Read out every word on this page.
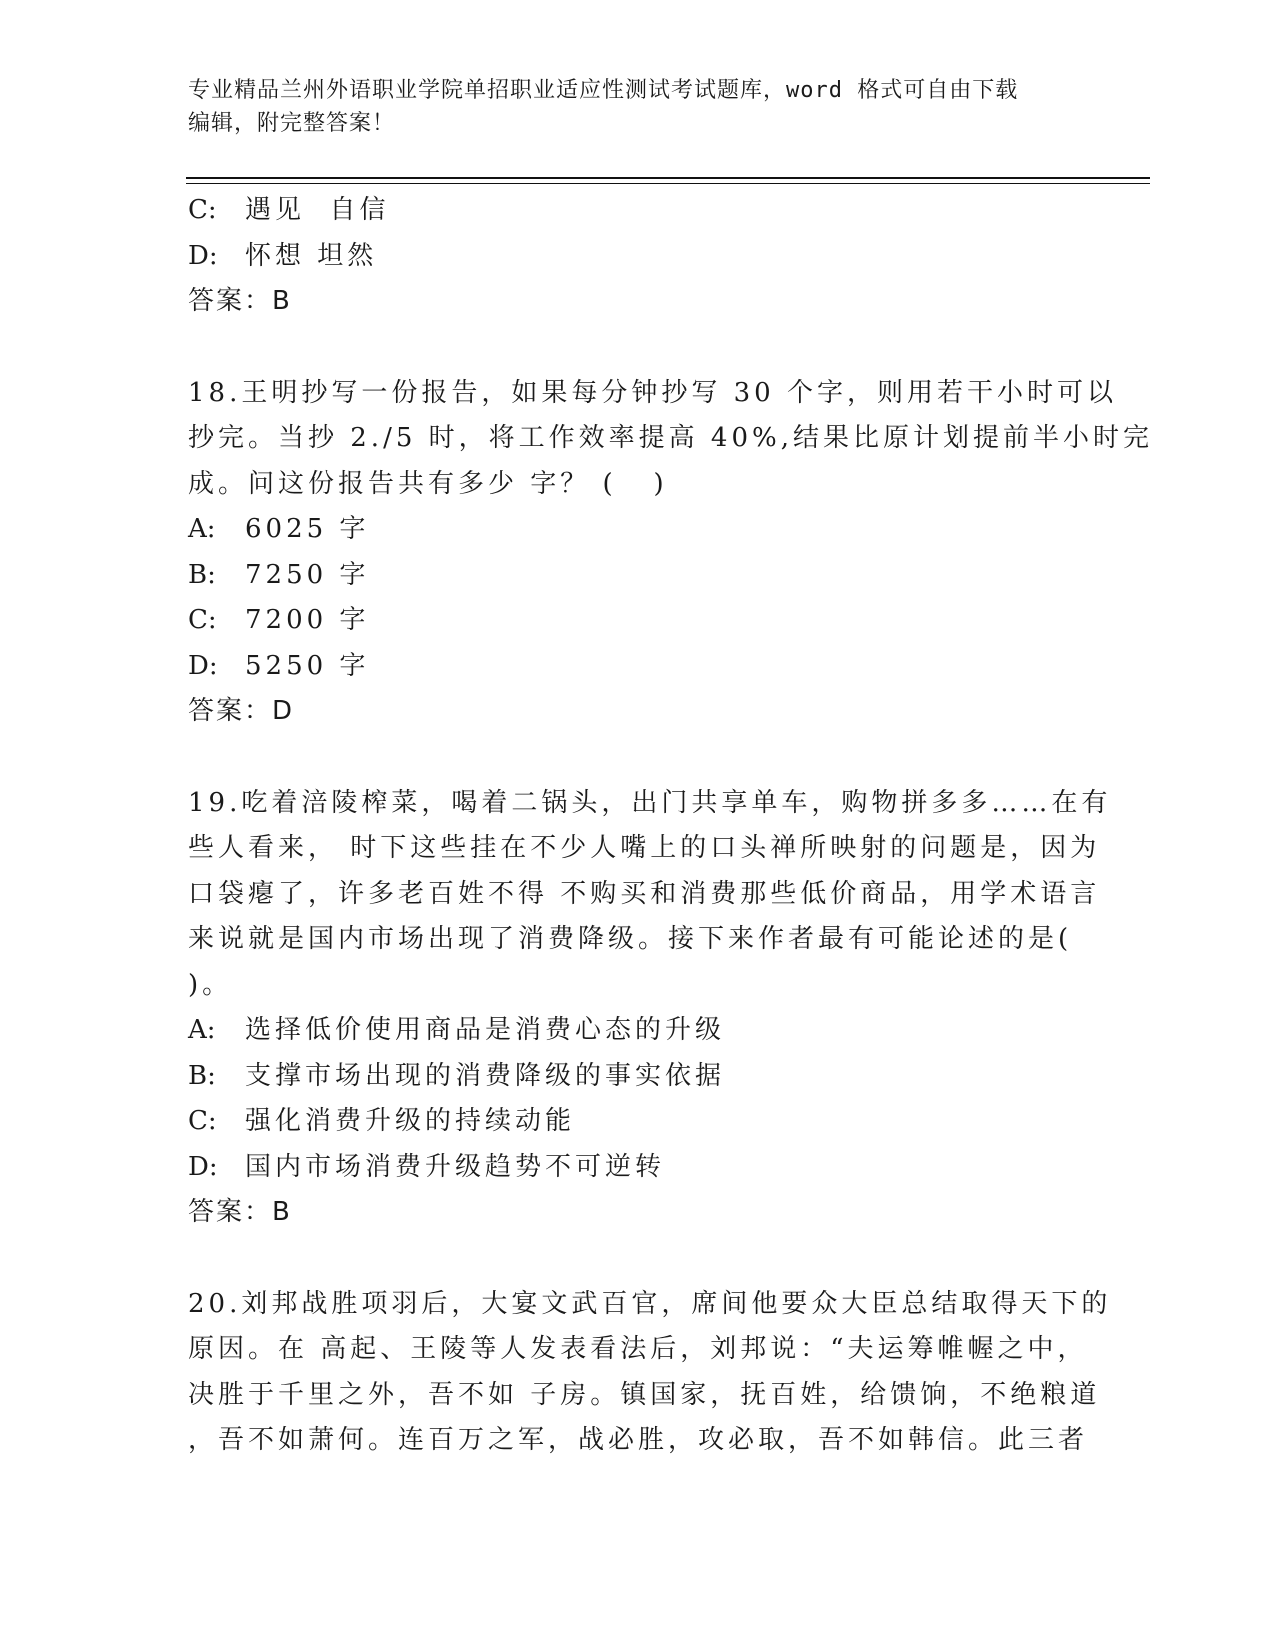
专业精品兰州外语职业学院单招职业适应性测试考试题库，word 格式可自由下载
编辑，附完整答案！
C:	遇见  自信
D:	怀想 坦然
答案：B
18.王明抄写一份报告，如果每分钟抄写 30 个字，则用若干小时可以
抄完。当抄 2./5 时，将工作效率提高 40%,结果比原计划提前半小时完
成。问这份报告共有多少 字？ (   )
A:	6025 字
B:	7250 字
C:	7200 字
D:	5250 字
答案：D
19.吃着涪陵榨菜，喝着二锅头，出门共享单车，购物拼多多……在有
些人看来， 时下这些挂在不少人嘴上的口头禅所映射的问题是，因为
口袋瘪了，许多老百姓不得 不购买和消费那些低价商品，用学术语言
来说就是国内市场出现了消费降级。接下来作者最有可能论述的是(
)。
A:	选择低价使用商品是消费心态的升级
B:	支撑市场出现的消费降级的事实依据
C:	强化消费升级的持续动能
D:	国内市场消费升级趋势不可逆转
答案：B
20.刘邦战胜项羽后，大宴文武百官，席间他要众大臣总结取得天下的
原因。在 高起、王陵等人发表看法后，刘邦说：“夫运筹帷幄之中，
决胜于千里之外，吾不如 子房。镇国家，抚百姓，给馈饷，不绝粮道
，吾不如萧何。连百万之军，战必胜，攻必取，吾不如韩信。此三者
